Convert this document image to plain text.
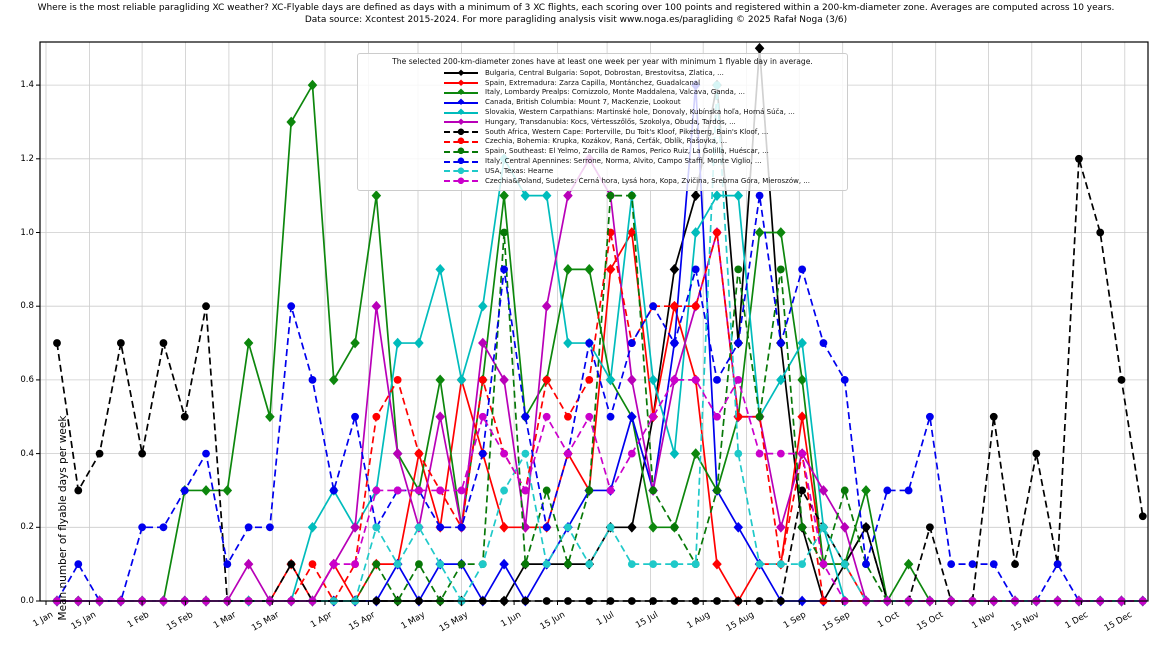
Where is the most reliable paragliding XC weather? XC-Flyable days are defined as days with a minimum of 3 XC flights, each scoring over 100 points and registered within a 200-km-diameter zone. Averages are computed across 10 years.
Data source: Xcontest 2015-2024. For more paragliding analysis visit www.noga.es/paragliding © 2025 Rafał Noga (3/6)
Mean number of flyable days per week
The selected 200-km-diameter zones have at least one week per year with minimum 1 flyable day in average.
◆	Bulgaria, Central Bulgaria: Sopot, Dobrostan, Brestovitsa, Zlatica, ...
◆	Spain, Extremadura: Zarza Capilla, Montánchez, Guadalcanal
◆	Italy, Lombardy Prealps: Cornizzolo, Monte Maddalena, Valcava, Ganda, ...
◆	Canada, British Columbia: Mount 7, MacKenzie, Lookout
◆	Slovakia, Western Carpathians: Martinské hole, Donovaly, Kubínska hoľa, Horná Súča, ...
◆	Hungary, Transdanubia: Kocs, Vértesszőlős, Szokolya, Óbuda, Tardos, ...
●	South Africa, Western Cape: Porterville, Du Toit's Kloof, Piketberg, Bain's Kloof, ...
●	Czechia, Bohemia: Krupka, Kozákov, Raná, Čerťák, Oblík, Rašovka, ...
●	Spain, Southeast: El Yelmo, Zarcilla de Ramos, Perico Ruiz, La Golilla, Huéscar, ...
●	Italy, Central Apennines: Serrone, Norma, Alvito, Campo Staffi, Monte Viglio, ...
●	USA, Texas: Hearne
●	Czechia&Poland, Sudetes: Černá hora, Lysá hora, Kopa, Zvičina, Srebrna Góra, Mieroszów, ...
1 Jan 15 Jan	1 Feb 15 Feb 1 Mar 15 Mar	1 Apr 15 Apr	1 May 15 May	1 Jun 15 Jun	1 Jul 15 Jul	1 Aug 15 Aug	1 Sep 15 Sep	1 Oct 15 Oct	1 Nov 15 Nov	1 Dec 15 Dec
0.0
0.2
0.4
0.6
0.8
1.0
1.2
1.4
